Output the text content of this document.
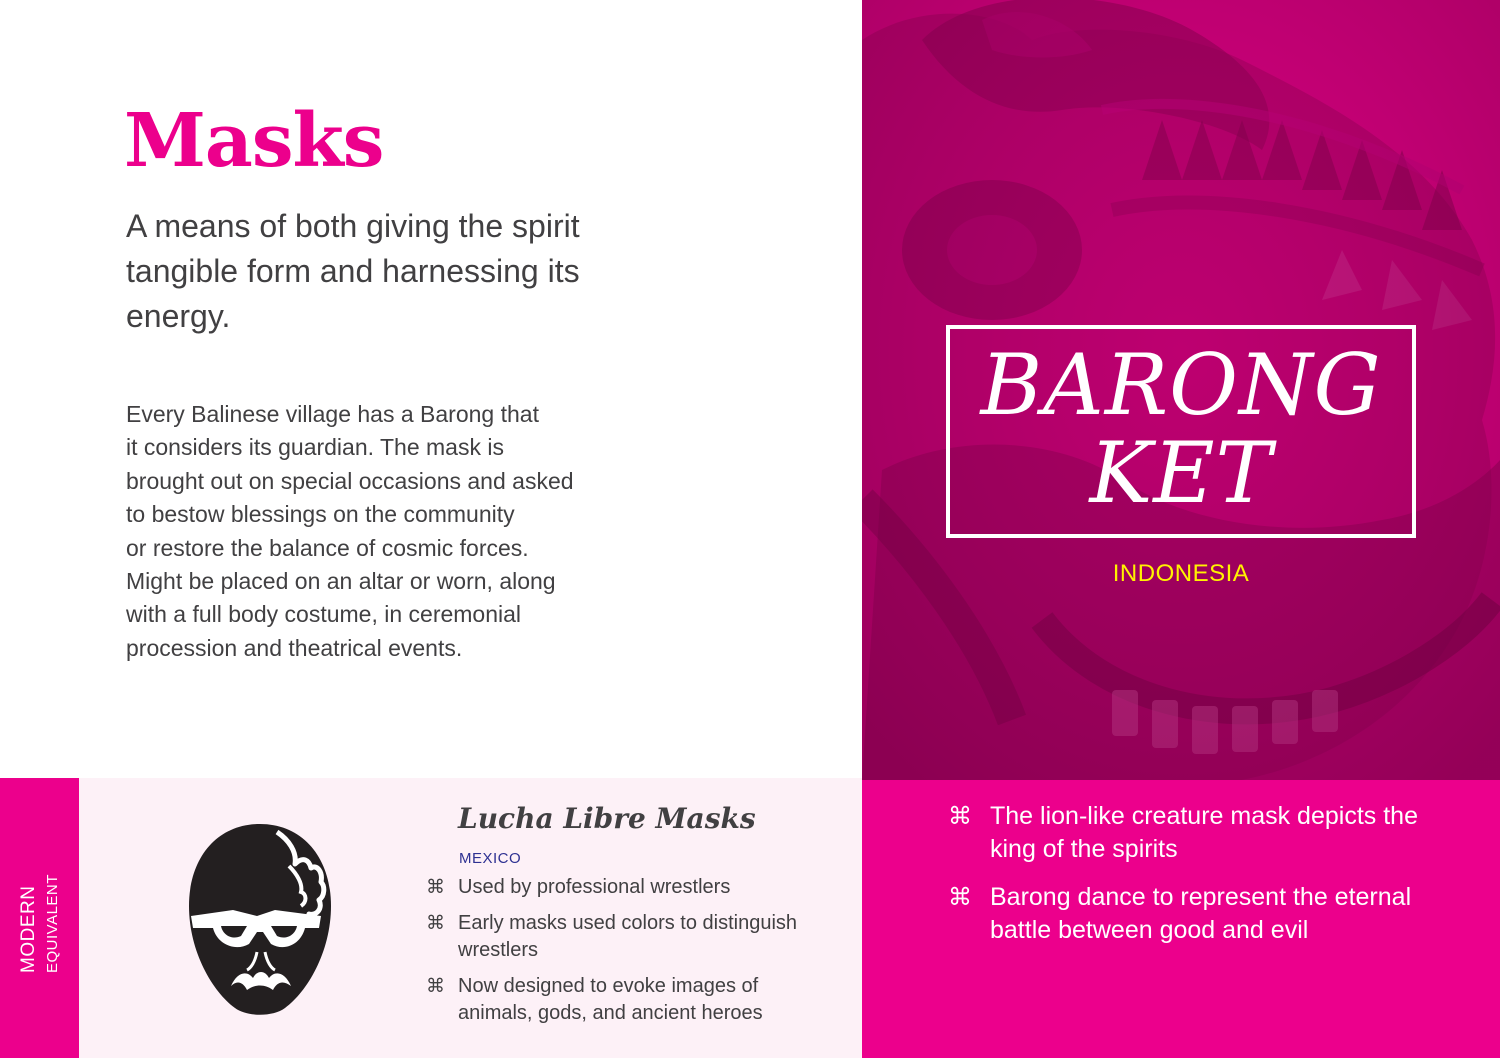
Masks

A means of both giving the spirit tangible form and harnessing its energy.

Every Balinese village has a Barong that
it considers its guardian. The mask is
brought out on special occasions and asked
to bestow blessings on the community
or restore the balance of cosmic forces.
Might be placed on an altar or worn, along
with a full body costume, in ceremonial
procession and theatrical events.

MODERN EQUIVALENT
Lucha Libre Masks
MEXICO
⌘ Used by professional wrestlers
⌘ Early masks used colors to distinguish wrestlers
⌘ Now designed to evoke images of animals, gods, and ancient heroes
BARONG
KET
INDONESIA
⌘ The lion-like creature mask depicts the king of the spirits
⌘ Barong dance to represent the eternal battle between good and evil
